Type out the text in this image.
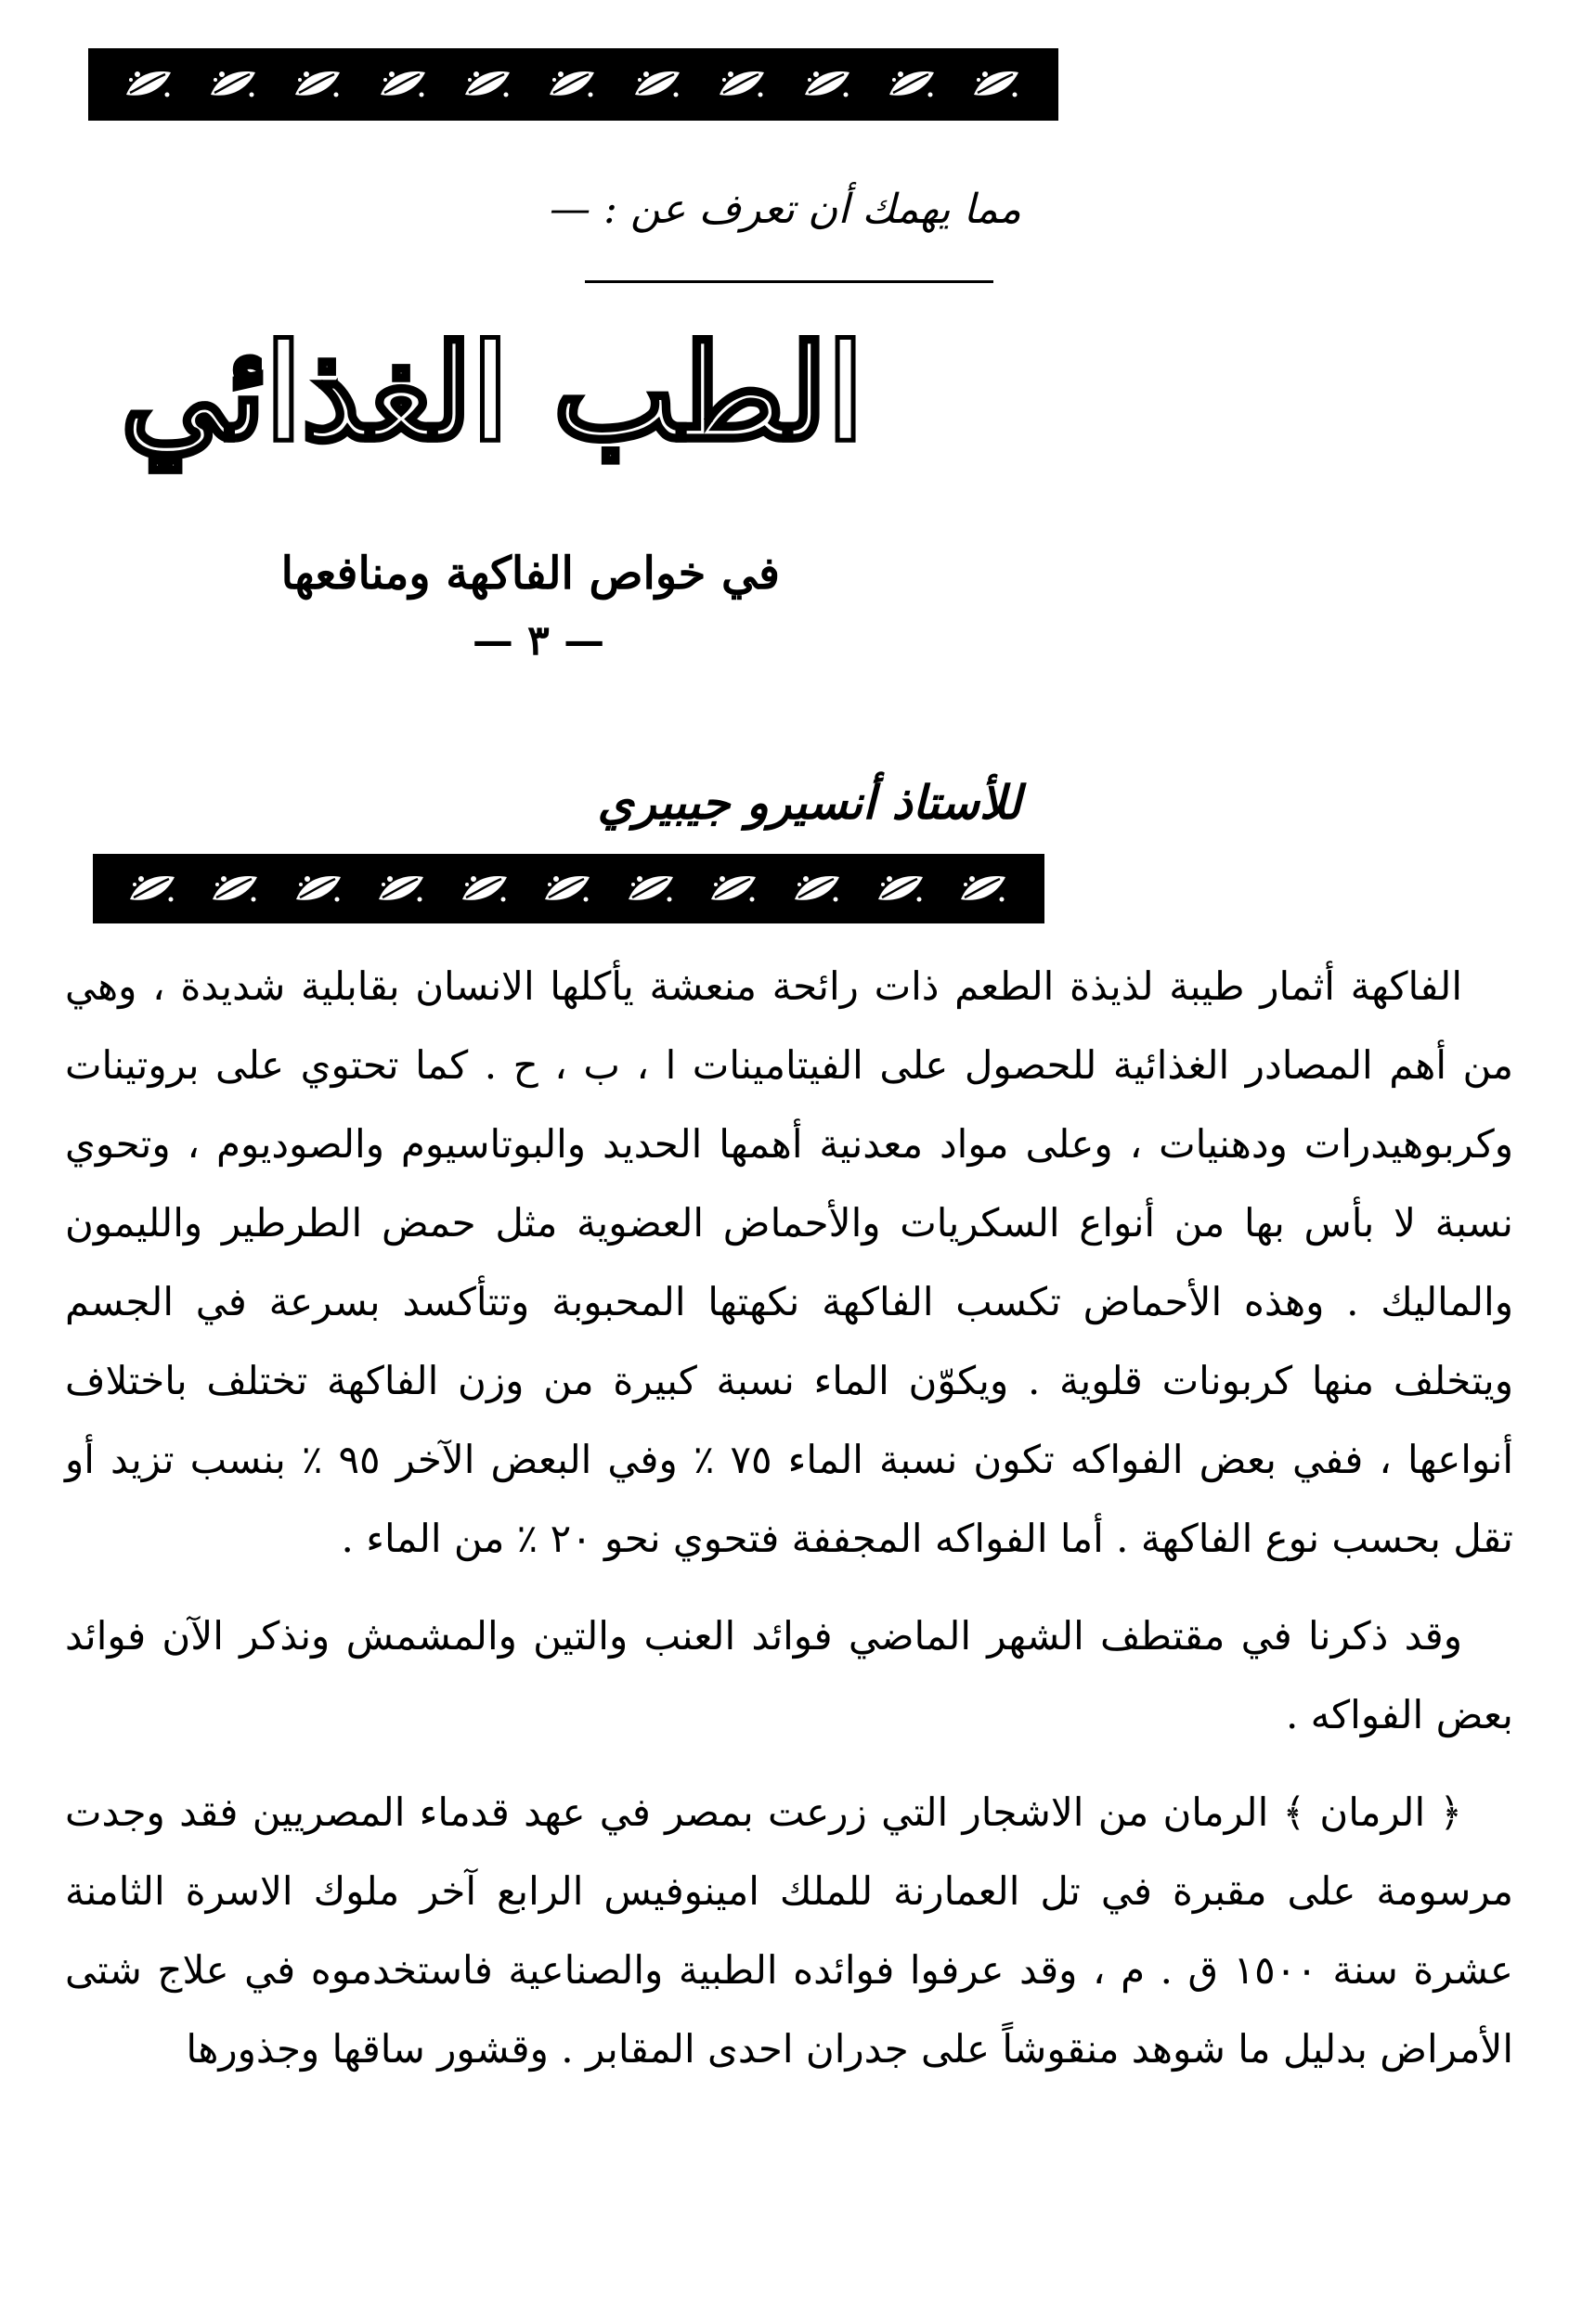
مما يهمك أن تعرف عن : —
الطب الغذائي
في خواص الفاكهة ومنافعها
— ٣ —
للأستاذ أنسيرو جيبيري

الفاكهة أثمار طيبة لذيذة الطعم ذات رائحة منعشة يأكلها الانسان بقابلية شديدة ، وهي من أهم المصادر الغذائية للحصول على الفيتامينات ا ، ب ، ح . كما تحتوي على بروتينات وكربوهيدرات ودهنيات ، وعلى مواد معدنية أهمها الحديد والبوتاسيوم والصوديوم ، وتحوي نسبة لا بأس بها من أنواع السكريات والأحماض العضوية مثل حمض الطرطير والليمون والماليك . وهذه الأحماض تكسب الفاكهة نكهتها المحبوبة وتتأكسد بسرعة في الجسم ويتخلف منها كربونات قلوية . ويكوّن الماء نسبة كبيرة من وزن الفاكهة تختلف باختلاف أنواعها ، ففي بعض الفواكه تكون نسبة الماء ٧٥ ٪ وفي البعض الآخر ٩٥ ٪ بنسب تزيد أو تقل بحسب نوع الفاكهة . أما الفواكه المجففة فتحوي نحو ٢٠ ٪ من الماء .

وقد ذكرنا في مقتطف الشهر الماضي فوائد العنب والتين والمشمش ونذكر الآن فوائد بعض الفواكه .

﴿ الرمان ﴾ الرمان من الاشجار التي زرعت بمصر في عهد قدماء المصريين فقد وجدت مرسومة على مقبرة في تل العمارنة للملك امينوفيس الرابع آخر ملوك الاسرة الثامنة عشرة سنة ١٥٠٠ ق . م ، وقد عرفوا فوائده الطبية والصناعية فاستخدموه في علاج شتى الأمراض بدليل ما شوهد منقوشاً على جدران احدى المقابر . وقشور ساقها وجذورها
